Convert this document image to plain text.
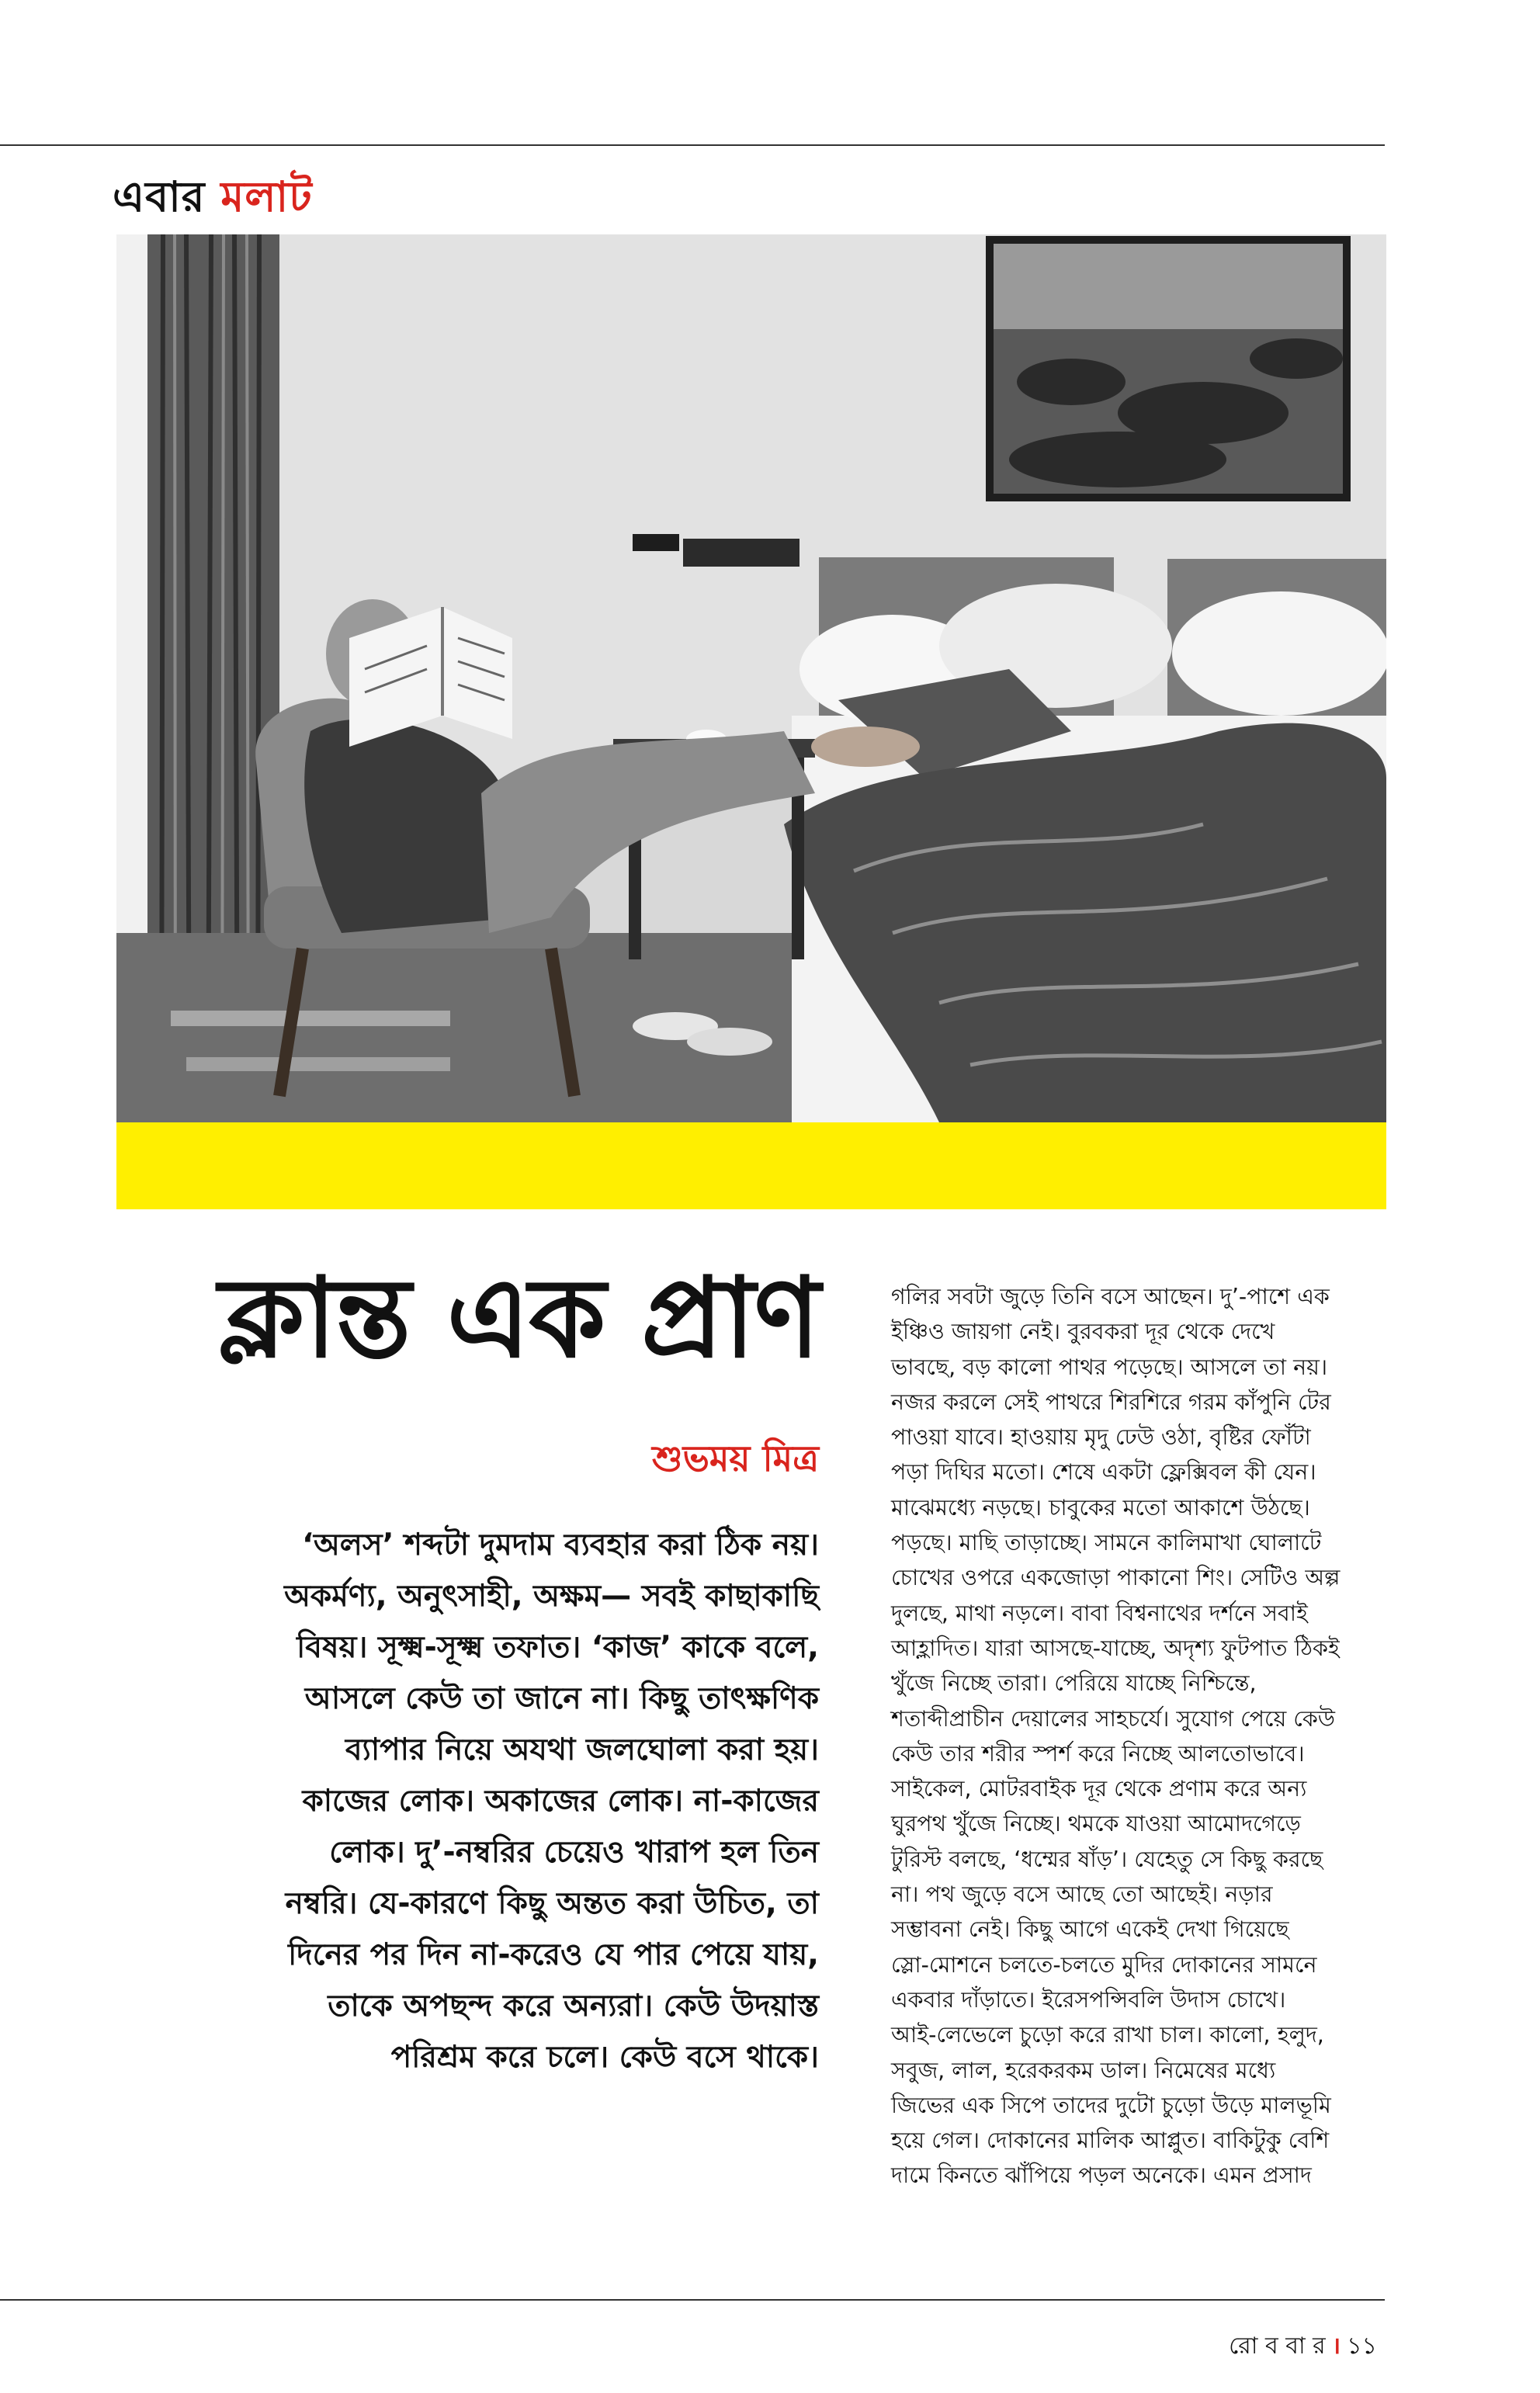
এবার মলাট
ক্লান্ত এক প্রাণ
শুভময় মিত্র
‘অলস’ শব্দটা দুমদাম ব্যবহার করা ঠিক নয়।
অকর্মণ্য, অনুৎসাহী, অক্ষম— সবই কাছাকাছি
বিষয়। সূক্ষ্ম-সূক্ষ্ম তফাত। ‘কাজ’ কাকে বলে,
আসলে কেউ তা জানে না। কিছু তাৎক্ষণিক
ব্যাপার নিয়ে অযথা জলঘোলা করা হয়।
কাজের লোক। অকাজের লোক। না-কাজের
লোক। দু’-নম্বরির চেয়েও খারাপ হল তিন
নম্বরি। যে-কারণে কিছু অন্তত করা উচিত, তা
দিনের পর দিন না-করেও যে পার পেয়ে যায়,
তাকে অপছন্দ করে অন্যরা। কেউ উদয়াস্ত
পরিশ্রম করে চলে। কেউ বসে থাকে।
গলির সবটা জুড়ে তিনি বসে আছেন। দু’-পাশে এক
ইঞ্চিও জায়গা নেই। বুরবকরা দূর থেকে দেখে
ভাবছে, বড় কালো পাথর পড়েছে। আসলে তা নয়।
নজর করলে সেই পাথরে শিরশিরে গরম কাঁপুনি টের
পাওয়া যাবে। হাওয়ায় মৃদু ঢেউ ওঠা, বৃষ্টির ফোঁটা
পড়া দিঘির মতো। শেষে একটা ফ্লেক্সিবল কী যেন।
মাঝেমধ্যে নড়ছে। চাবুকের মতো আকাশে উঠছে।
পড়ছে। মাছি তাড়াচ্ছে। সামনে কালিমাখা ঘোলাটে
চোখের ওপরে একজোড়া পাকানো শিং। সেটিও অল্প
দুলছে, মাথা নড়লে। বাবা বিশ্বনাথের দর্শনে সবাই
আহ্লাদিত। যারা আসছে-যাচ্ছে, অদৃশ্য ফুটপাত ঠিকই
খুঁজে নিচ্ছে তারা। পেরিয়ে যাচ্ছে নিশ্চিন্তে,
শতাব্দীপ্রাচীন দেয়ালের সাহচর্যে। সুযোগ পেয়ে কেউ
কেউ তার শরীর স্পর্শ করে নিচ্ছে আলতোভাবে।
সাইকেল, মোটরবাইক দূর থেকে প্রণাম করে অন্য
ঘুরপথ খুঁজে নিচ্ছে। থমকে যাওয়া আমোদগেড়ে
টুরিস্ট বলছে, ‘ধম্মের ষাঁড়’। যেহেতু সে কিছু করছে
না। পথ জুড়ে বসে আছে তো আছেই। নড়ার
সম্ভাবনা নেই। কিছু আগে একেই দেখা গিয়েছে
স্লো-মোশনে চলতে-চলতে মুদির দোকানের সামনে
একবার দাঁড়াতে। ইরেসপন্সিবলি উদাস চোখে।
আই-লেভেলে চুড়ো করে রাখা চাল। কালো, হলুদ,
সবুজ, লাল, হরেকরকম ডাল। নিমেষের মধ্যে
জিভের এক সিপে তাদের দুটো চুড়ো উড়ে মালভূমি
হয়ে গেল। দোকানের মালিক আপ্লুত। বাকিটুকু বেশি
দামে কিনতে ঝাঁপিয়ে পড়ল অনেকে। এমন প্রসাদ
রো ব বা র । ১১
